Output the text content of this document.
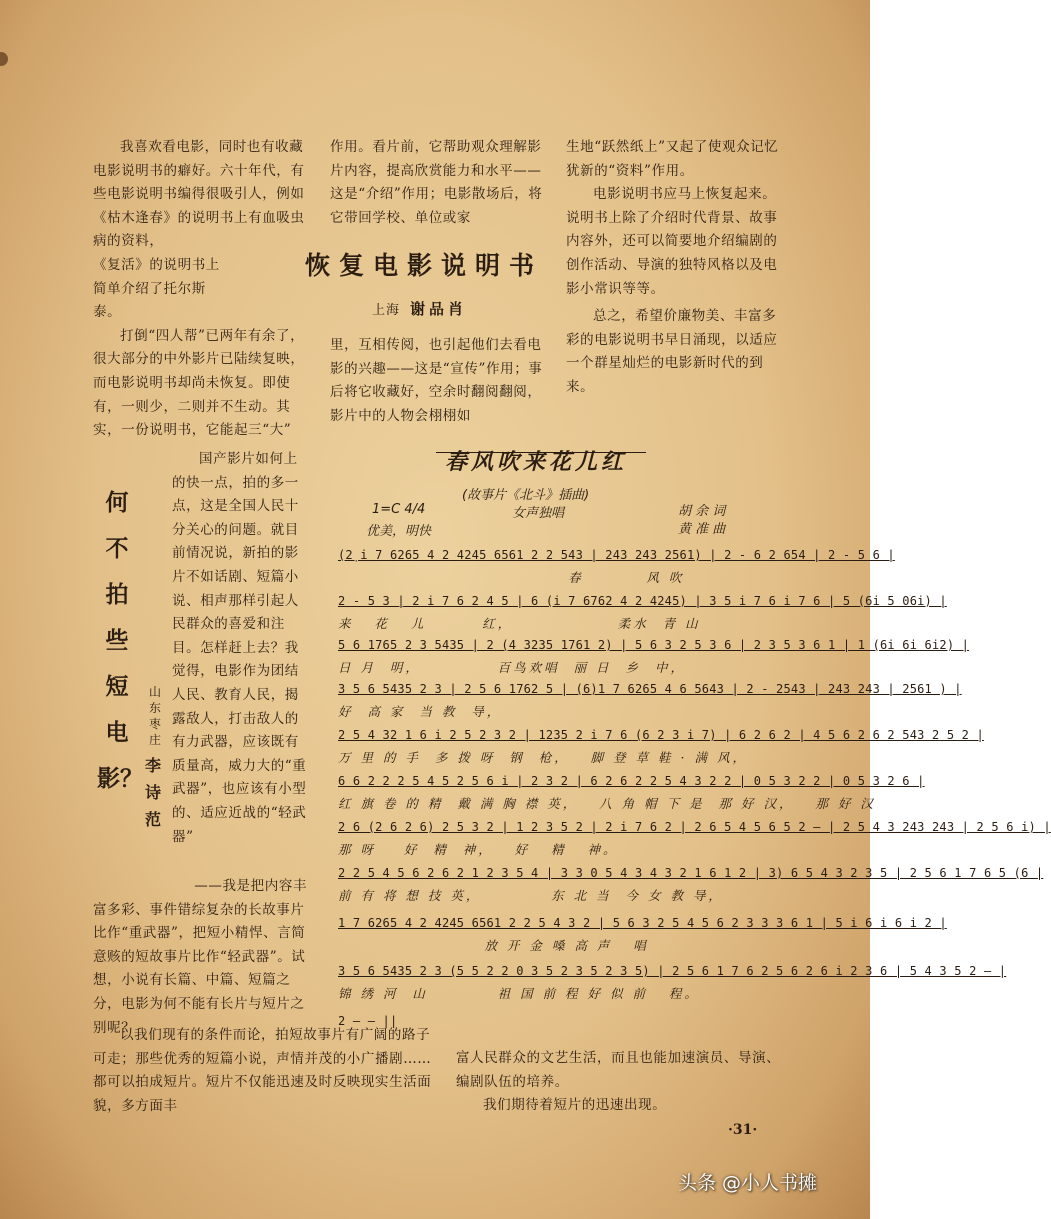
我喜欢看电影，同时也有收藏电影说明书的癖好。六十年代，有些电影说明书编得很吸引人，例如《枯木逢春》的说明书上有血吸虫病的资料，

《复活》的说明书上简单介绍了托尔斯泰。

打倒“四人帮”已两年有余了，很大部分的中外影片已陆续复映，而电影说明书却尚未恢复。即使有，一则少，二则并不生动。其实，一份说明书，它能起三“大”

作用。看片前，它帮助观众理解影片内容，提高欣赏能力和水平——这是“介绍”作用；电影散场后，将它带回学校、单位或家

恢复电影说明书
上海 谢品肖

里，互相传阅，也引起他们去看电影的兴趣——这是“宣传”作用；事后将它收藏好，空余时翻阅翻阅，影片中的人物会栩栩如

生地“跃然纸上”又起了使观众记忆犹新的“资料”作用。

电影说明书应马上恢复起来。说明书上除了介绍时代背景、故事内容外，还可以简要地介绍编剧的创作活动、导演的独特风格以及电影小常识等等。

总之，希望价廉物美、丰富多彩的电影说明书早日涌现，以适应一个群星灿烂的电影新时代的到来。

何不拍些短电影？
山东枣庄
李诗范

国产影片如何上的快一点，拍的多一点，这是全国人民十分关心的问题。就目前情况说，新拍的影片不如话剧、短篇小说、相声那样引起人民群众的喜爱和注目。怎样赶上去？我觉得，电影作为团结人民、教育人民，揭露敌人，打击敌人的有力武器，应该既有质量高，威力大的“重武器”，也应该有小型的、适应近战的“轻武器”

——我是把内容丰富多彩、事件错综复杂的长故事片比作“重武器”，把短小精悍、言简意赅的短故事片比作“轻武器”。试想，小说有长篇、中篇、短篇之分，电影为何不能有长片与短片之别呢？

以我们现有的条件而论，拍短故事片有广阔的路子可走；那些优秀的短篇小说，声情并茂的小广播剧……都可以拍成短片。短片不仅能迅速及时反映现实生活面貌，多方面丰

富人民群众的文艺生活，而且也能加速演员、导演、编剧队伍的培养。

我们期待着短片的迅速出现。

春风吹来花儿红
(故事片《北斗》插曲)
1=C 4/4
优美，明快
女声独唱	胡 余 词
黄 准 曲
(2̣ i 7 6265 4 2 4245 6561 2 2 543 | 243 243 2561) | 2 - 6 2 654 | 2 - 5 6 |
春         风 吹
2 - 5 3 | 2 i 7 6 2 4 5 | 6 (i 7 6762 4 2 4245) | 3 5 i 7 6 i 7 6 | 5 (6i 5 06i) |
来   花   儿        红，               柔水  青 山
5 6 1765 2 3 5435 | 2 (4 3235 1761 2) | 5 6 3 2 5 3 6 | 2 3 5 3 6 1 | 1 (6i 6i 6i2) |
日 月  明，           百鸟欢唱  丽 日  乡  中，
3 5 6 5435 2 3 | 2 5 6 1762 5 | (6)1 7 6265 4 6 5643 | 2 - 2543 | 243 243 | 2561 ) |
好  高 家  当 教  导，
2 5 4 32 1 6 i 2 5 2 3 2 | 1235 2 i 7 6 (6 2 3 i 7) | 6 2 6 2 | 4 5 6 2 6 2 543 2 5 2 |
万 里 的 手  多 拨 呀  钢  枪，   脚 登 草 鞋 · 满 风，
6 6 2 2 2 5 4 5 2 5 6 i | 2 3 2 | 6 2 6 2 2 5 4 3 2 2 | 0 5 3 2 2 | 0 5 3 2 6 |
红 旗 卷 的 精  戴 满 胸 襟 英，   八 角 帽 下 是  那 好 汉，   那 好 汉
2 6 (2 6 2 6) 2 5 3 2 | 1 2 3 5 2 | 2 i 7 6 2 | 2 6 5 4 5 6 5 2 — | 2 5 4 3 243 243 | 2 5 6 i) |
那 呀    好  精  神，   好   精   神。
2 2 5 4 5 6 2 6 2 1 2 3 5 4 | 3 3 0 5 4 3 4 3 2 1 6 1 2 | 3) 6 5 4 3 2 3 5 | 2 5 6 1 7 6 5 (6 |
前 有 将 想 技 英，          东 北 当  今 女 教 导，
1 7 6265 4 2 4245 6561 2 2 5 4 3 2 | 5 6 3 2 5 4 5 6 2 3 3 3 6 1 | 5 i 6 i 6 i 2 |
放 开 金 嗓 高 声   唱
3 5 6 5435 2 3 (5 5 2 2 0 3 5 2 3 5 2 3 5) | 2 5 6 1 7 6 2 5 6 2 6 i 2 3 6 | 5 4 3 5 2 — |
锦 绣 河  山          祖 国 前 程 好 似 前   程。
2 — — ||
·31·
头条 @小人书摊
